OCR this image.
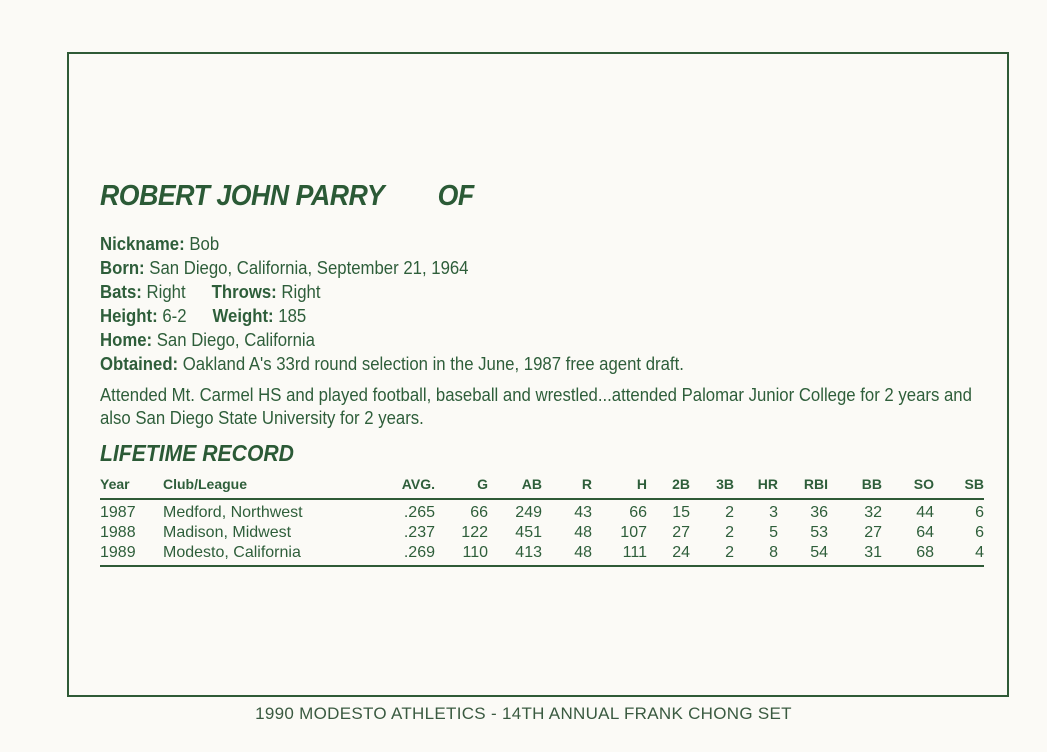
ROBERT JOHN PARRY OF
Nickname: Bob
Born: San Diego, California, September 21, 1964
Bats: Right Throws: Right
Height: 6-2 Weight: 185
Home: San Diego, California
Obtained: Oakland A's 33rd round selection in the June, 1987 free agent draft.
Attended Mt. Carmel HS and played football, baseball and wrestled...attended Palomar Junior College for 2 years and also San Diego State University for 2 years.
LIFETIME RECORD
Year Club/League	AVG.	G AB	R	H 2B 3B HR RBI BB SO SB
1987 Medford, Northwest	.265 66 249 43 66 15 2 3 36 32 44	6
1988 Madison, Midwest	.237 122 451 48 107 27 2 5 53 27 64	6
1989 Modesto, California	.269 110 413 48 111 24 2 8 54 31 68	4
1990 MODESTO ATHLETICS - 14TH ANNUAL FRANK CHONG SET
